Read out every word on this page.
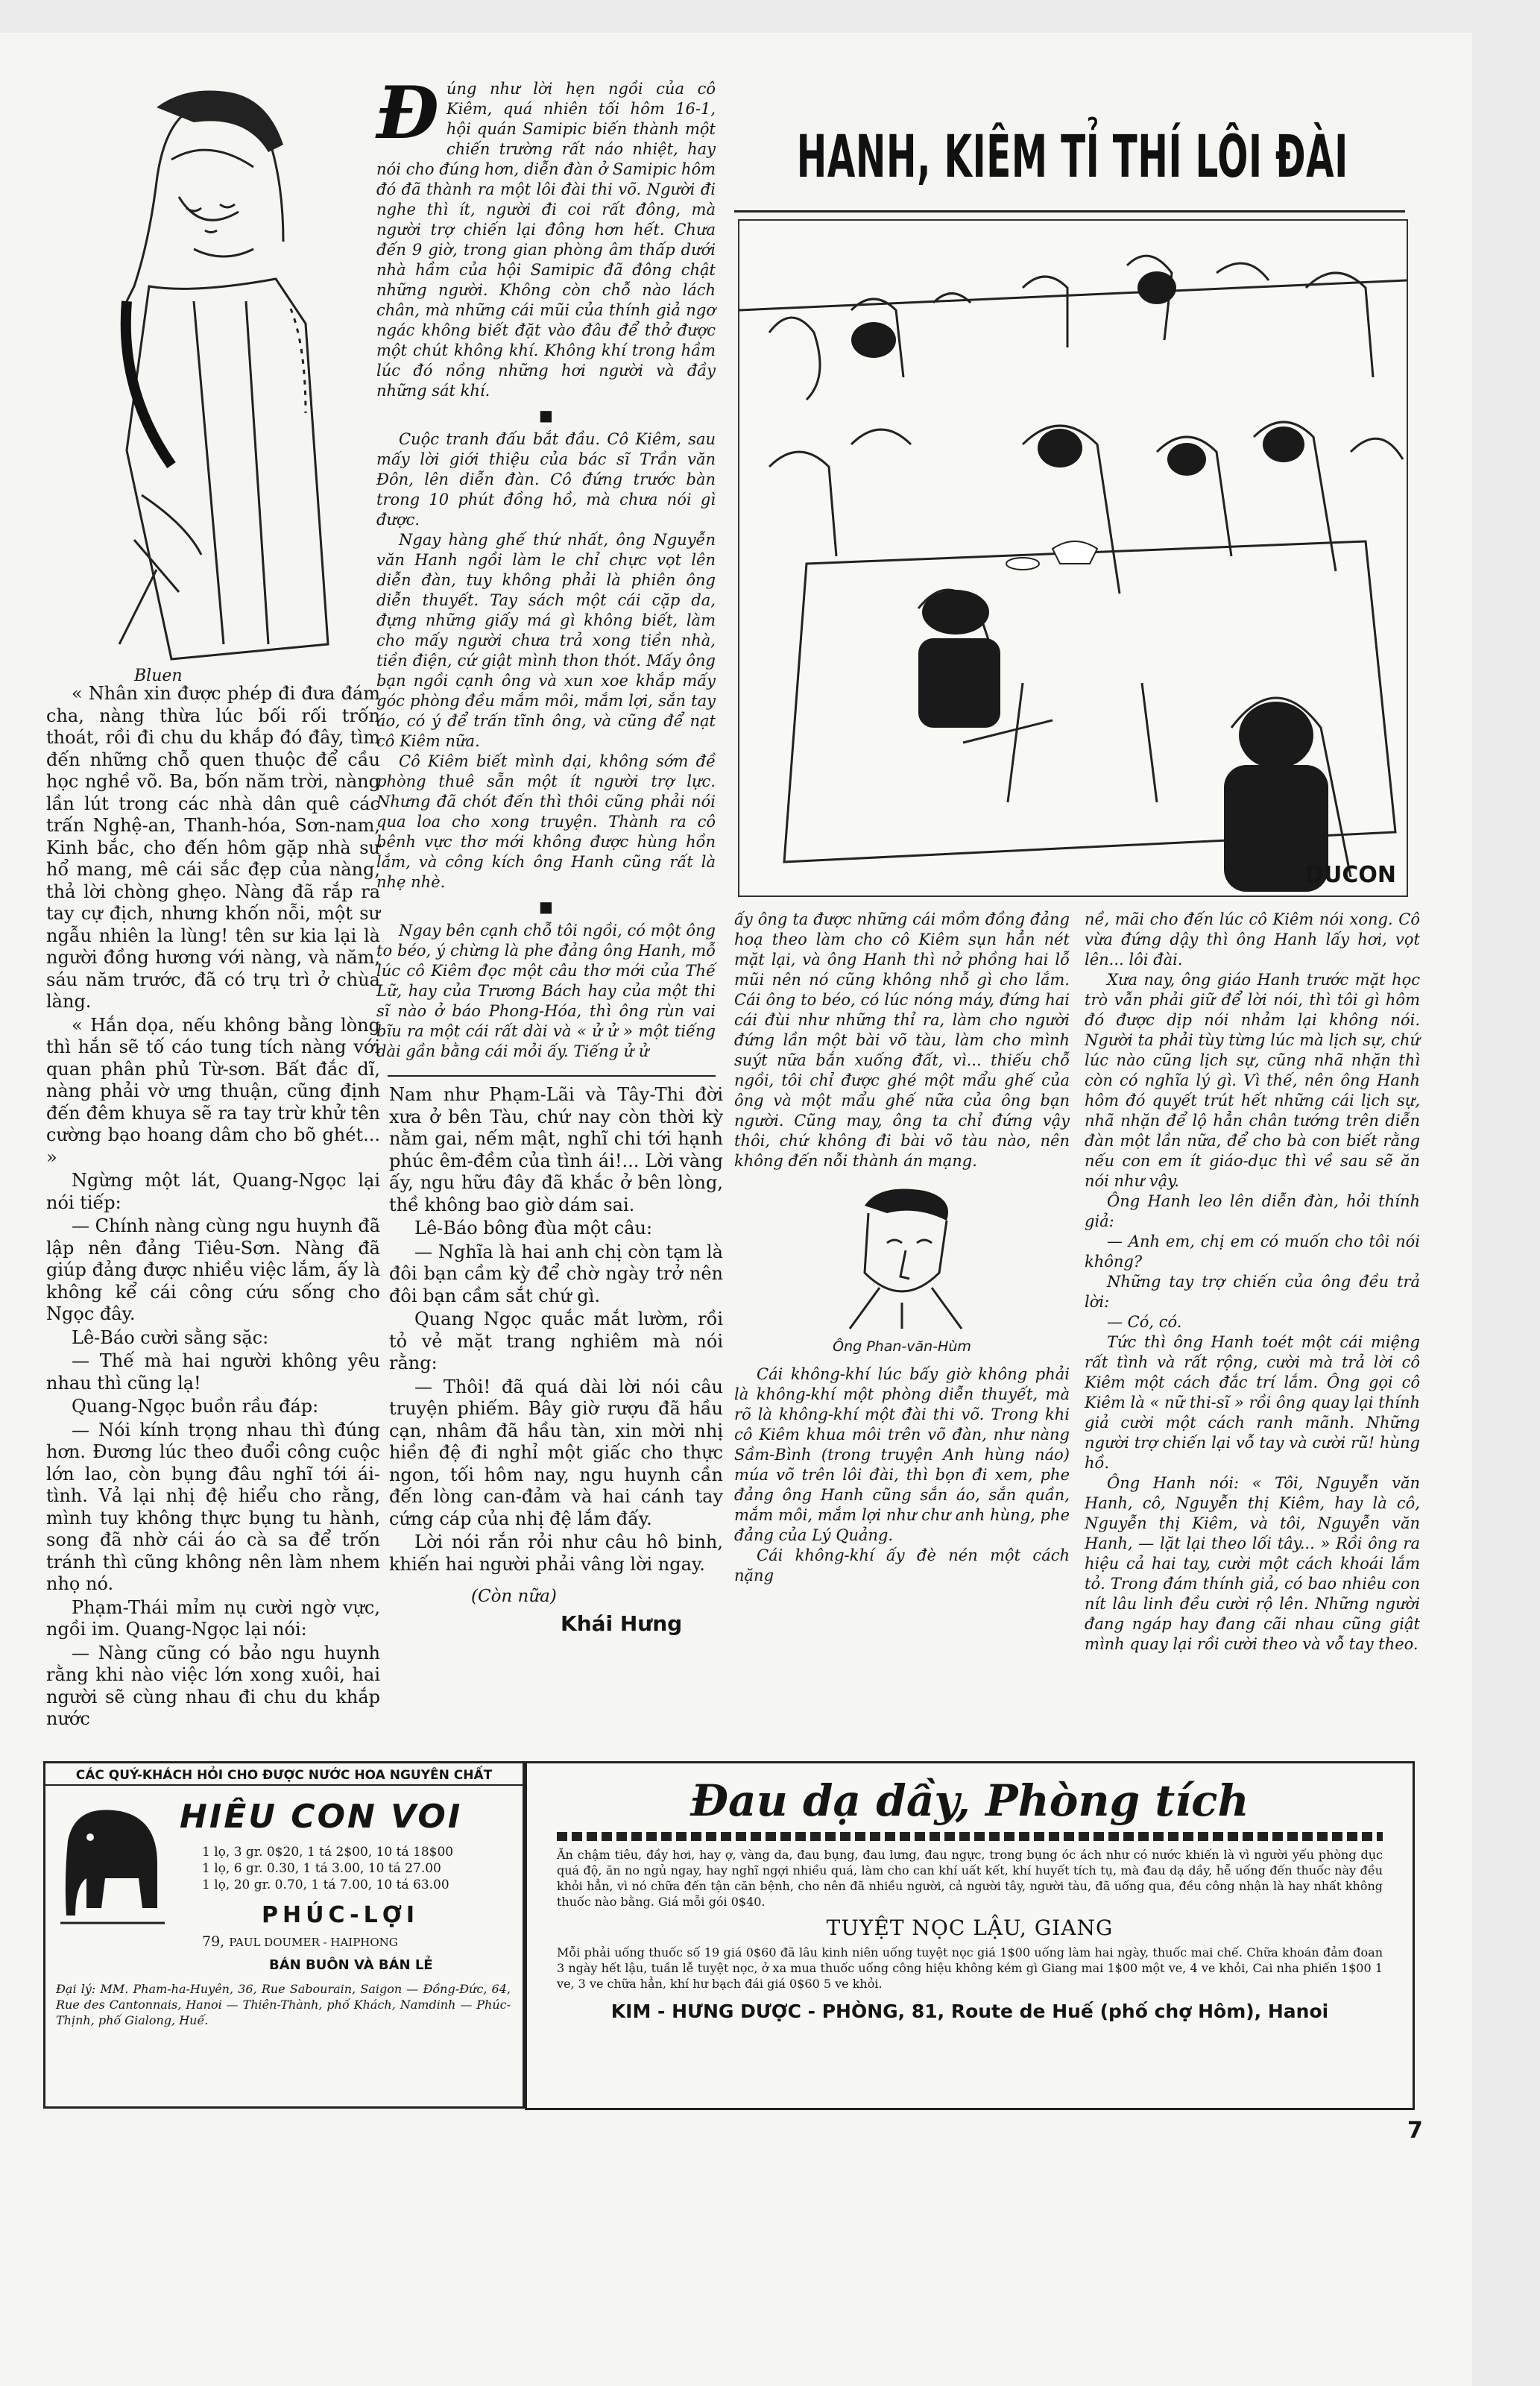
Bluen

« Nhân xin được phép đi đưa đám cha, nàng thừa lúc bối rối trốn thoát, rồi đi chu du khắp đó đây, tìm đến những chỗ quen thuộc để cầu học nghề võ. Ba, bốn năm trời, nàng lần lút trong các nhà dân quê các trấn Nghệ-an, Thanh-hóa, Sơn-nam, Kinh bắc, cho đến hôm gặp nhà sư hổ mang, mê cái sắc đẹp của nàng, thả lời chòng ghẹo. Nàng đã rắp ra tay cự địch, nhưng khốn nỗi, một sư ngẫu nhiên la lùng! tên sư kia lại là người đồng hương với nàng, và năm, sáu năm trước, đã có trụ trì ở chùa làng.

« Hắn dọa, nếu không bằng lòng thì hắn sẽ tố cáo tung tích nàng với quan phân phủ Từ-sơn. Bất đắc dĩ, nàng phải vờ ưng thuận, cũng định đến đêm khuya sẽ ra tay trừ khử tên cường bạo hoang dâm cho bõ ghét... »

Ngừng một lát, Quang-Ngọc lại nói tiếp:

— Chính nàng cùng ngu huynh đã lập nên đảng Tiêu-Sơn. Nàng đã giúp đảng được nhiều việc lắm, ấy là không kể cái công cứu sống cho Ngọc đây.

Lê-Báo cười sằng sặc:

— Thế mà hai người không yêu nhau thì cũng lạ!

Quang-Ngọc buồn rầu đáp:

— Nói kính trọng nhau thì đúng hơn. Đương lúc theo đuổi công cuộc lớn lao, còn bụng đâu nghĩ tới ái-tình. Vả lại nhị đệ hiểu cho rằng, mình tuy không thực bụng tu hành, song đã nhờ cái áo cà sa để trốn tránh thì cũng không nên làm nhem nhọ nó.

Phạm-Thái mỉm nụ cười ngờ vực, ngồi im. Quang-Ngọc lại nói:

— Nàng cũng có bảo ngu huynh rằng khi nào việc lớn xong xuôi, hai người sẽ cùng nhau đi chu du khắp nước

Đ úng như lời hẹn ngồi của cô Kiêm, quá nhiên tối hôm 16-1, hội quán Samipic biến thành một chiến trường rất náo nhiệt, hay nói cho đúng hơn, diễn đàn ở Samipic hôm đó đã thành ra một lôi đài thi võ. Người đi nghe thì ít, người đi coi rất đông, mà người trợ chiến lại đông hơn hết. Chưa đến 9 giờ, trong gian phòng âm thấp dưới nhà hầm của hội Samipic đã đông chật những người. Không còn chỗ nào lách chân, mà những cái mũi của thính giả ngơ ngác không biết đặt vào đâu để thở được một chút không khí. Không khí trong hầm lúc đó nồng những hơi người và đầy những sát khí.
■

Cuộc tranh đấu bắt đầu. Cô Kiêm, sau mấy lời giới thiệu của bác sĩ Trần văn Đôn, lên diễn đàn. Cô đứng trước bàn trong 10 phút đồng hồ, mà chưa nói gì được.

Ngay hàng ghế thứ nhất, ông Nguyễn văn Hanh ngồi làm le chỉ chực vọt lên diễn đàn, tuy không phải là phiên ông diễn thuyết. Tay sách một cái cặp da, đựng những giấy má gì không biết, làm cho mấy người chưa trả xong tiền nhà, tiền điện, cứ giật mình thon thót. Mấy ông bạn ngồi cạnh ông và xun xoe khắp mấy góc phòng đều mắm môi, mắm lợi, sắn tay áo, có ý để trấn tĩnh ông, và cũng để nạt cô Kiêm nữa.

Cô Kiêm biết mình dại, không sớm đề phòng thuê sẵn một ít người trợ lực. Nhưng đã chót đến thì thôi cũng phải nói qua loa cho xong truyện. Thành ra cô bênh vực thơ mới không được hùng hồn lắm, và công kích ông Hanh cũng rất là nhẹ nhè.

■

Ngay bên cạnh chỗ tôi ngồi, có một ông to béo, ý chừng là phe đảng ông Hanh, mỗ lúc cô Kiêm đọc một câu thơ mới của Thế Lữ, hay của Trương Bách hay của một thi sĩ nào ở báo Phong-Hóa, thì ông rùn vai bĩu ra một cái rất dài và « ử ử » một tiếng dài gần bằng cái mỏi ấy. Tiếng ử ử

Nam như Phạm-Lãi và Tây-Thi đời xưa ở bên Tàu, chứ nay còn thời kỳ nằm gai, nếm mật, nghĩ chi tới hạnh phúc êm-đềm của tình ái!... Lời vàng ấy, ngu hữu đây đã khắc ở bên lòng, thề không bao giờ dám sai.

Lê-Báo bông đùa một câu:

— Nghĩa là hai anh chị còn tạm là đôi bạn cầm kỳ để chờ ngày trở nên đôi bạn cầm sắt chứ gì.

Quang Ngọc quắc mắt lườm, rồi tỏ vẻ mặt trang nghiêm mà nói rằng:

— Thôi! đã quá dài lời nói câu truyện phiếm. Bây giờ rượu đã hầu cạn, nhâm đã hầu tàn, xin mời nhị hiền đệ đi nghỉ một giấc cho thực ngon, tối hôm nay, ngu huynh cần đến lòng can-đảm và hai cánh tay cứng cáp của nhị đệ lắm đấy.

Lời nói rắn rỏi như câu hô binh, khiến hai người phải vâng lời ngay.

(Còn nữa)
Khái Hưng
HANH, KIÊM TỈ THÍ LÔI ĐÀI
DUCON

ấy ông ta được những cái mồm đồng đảng hoạ theo làm cho cô Kiêm sụn hẳn nét mặt lại, và ông Hanh thì nở phồng hai lỗ mũi nên nó cũng không nhỗ gì cho lắm. Cái ông to béo, có lúc nóng máy, đứng hai cái đùi như những thỉ ra, làm cho người đứng lần một bài võ tàu, làm cho mình suýt nữa bắn xuống đất, vì... thiếu chỗ ngồi, tôi chỉ được ghé một mẩu ghế của ông và một mẩu ghế nữa của ông bạn người. Cũng may, ông ta chỉ đứng vậy thôi, chứ không đi bài võ tàu nào, nên không đến nỗi thành án mạng.

Ông Phan-văn-Hùm

Cái không-khí lúc bấy giờ không phải là không-khí một phòng diễn thuyết, mà rõ là không-khí một đài thi võ. Trong khi cô Kiêm khua môi trên võ đàn, như nàng Sầm-Bình (trong truyện Anh hùng náo) múa võ trên lôi đài, thì bọn đi xem, phe đảng ông Hanh cũng sắn áo, sắn quần, mắm môi, mắm lợi như chư anh hùng, phe đảng của Lý Quảng.

Cái không-khí ấy đè nén một cách nặng

nề, mãi cho đến lúc cô Kiêm nói xong. Cô vừa đứng dậy thì ông Hanh lấy hơi, vọt lên... lôi đài.

Xưa nay, ông giáo Hanh trước mặt học trò vẫn phải giữ để lời nói, thì tôi gì hôm đó được dịp nói nhảm lại không nói. Người ta phải tùy từng lúc mà lịch sự, chứ lúc nào cũng lịch sự, cũng nhã nhặn thì còn có nghĩa lý gì. Vì thế, nên ông Hanh hôm đó quyết trút hết những cái lịch sự, nhã nhặn để lộ hẳn chân tướng trên diễn đàn một lần nữa, để cho bà con biết rằng nếu con em ít giáo-dục thì về sau sẽ ăn nói như vậy.

Ông Hanh leo lên diễn đàn, hỏi thính giả:

— Anh em, chị em có muốn cho tôi nói không?

Những tay trợ chiến của ông đều trả lời:

— Có, có.

Tức thì ông Hanh toét một cái miệng rất tình và rất rộng, cười mà trả lời cô Kiêm một cách đắc trí lắm. Ông gọi cô Kiêm là « nữ thi-sĩ » rồi ông quay lại thính giả cười một cách ranh mãnh. Những người trợ chiến lại vỗ tay và cười rũ! hùng hồ.

Ông Hanh nói: « Tôi, Nguyễn văn Hanh, cô, Nguyễn thị Kiêm, hay là cô, Nguyễn thị Kiêm, và tôi, Nguyễn văn Hanh, — lặt lại theo lối tây... » Rồi ông ra hiệu cả hai tay, cười một cách khoái lắm tỏ. Trong đám thính giả, có bao nhiêu con nít lâu linh đều cười rộ lên. Những người đang ngáp hay đang cãi nhau cũng giật mình quay lại rồi cười theo và vỗ tay theo.

CÁC QUÝ-KHÁCH HỎI CHO ĐƯỢC NƯỚC HOA NGUYÊN CHẤT
HIÊU CON VOI
1 lọ, 3 gr. 0$20, 1 tá 2$00, 10 tá 18$00
1 lọ, 6 gr. 0.30, 1 tá 3.00, 10 tá 27.00
1 lọ, 20 gr. 0.70, 1 tá 7.00, 10 tá 63.00
PHÚC-LỢI
79, PAUL DOUMER - HAIPHONG
BÁN BUÔN VÀ BÁN LẺ
Đại lý: MM. Pham-ha-Huyên, 36, Rue Sabourain, Saigon — Đồng-Đức, 64, Rue des Cantonnais, Hanoi — Thiên-Thành, phố Khách, Namdinh — Phúc-Thịnh, phố Gialong, Huế.
Đau dạ dầy, Phòng tích
Ăn chậm tiêu, đầy hơi, hay ợ, vàng da, đau bụng, đau lưng, đau ngực, trong bụng óc ách như có nước khiến là vì người yếu phòng dục quá độ, ăn no ngủ ngay, hay nghĩ ngợi nhiều quá, làm cho can khí uất kết, khí huyết tích tụ, mà đau dạ dầy, hễ uống đến thuốc này đều khỏi hẳn, vì nó chữa đến tận căn bệnh, cho nên đã nhiều người, cả người tây, người tàu, đã uống qua, đều công nhận là hay nhất không thuốc nào bằng. Giá mỗi gói 0$40.
TUYỆT NỌC LẬU, GIANG
Mỗi phải uống thuốc số 19 giá 0$60 đã lâu kinh niên uống tuyệt nọc giá 1$00 uống làm hai ngày, thuốc mai chế. Chữa khoán đảm đoan 3 ngày hết lậu, tuần lễ tuyệt nọc, ở xa mua thuốc uống công hiệu không kém gì Giang mai 1$00 một ve, 4 ve khỏi, Cai nha phiến 1$00 1 ve, 3 ve chữa hẳn, khí hư bạch đái giá 0$60 5 ve khỏi.
KIM - HƯNG DƯỢC - PHÒNG, 81, Route de Huế (phố chợ Hôm), Hanoi
7
